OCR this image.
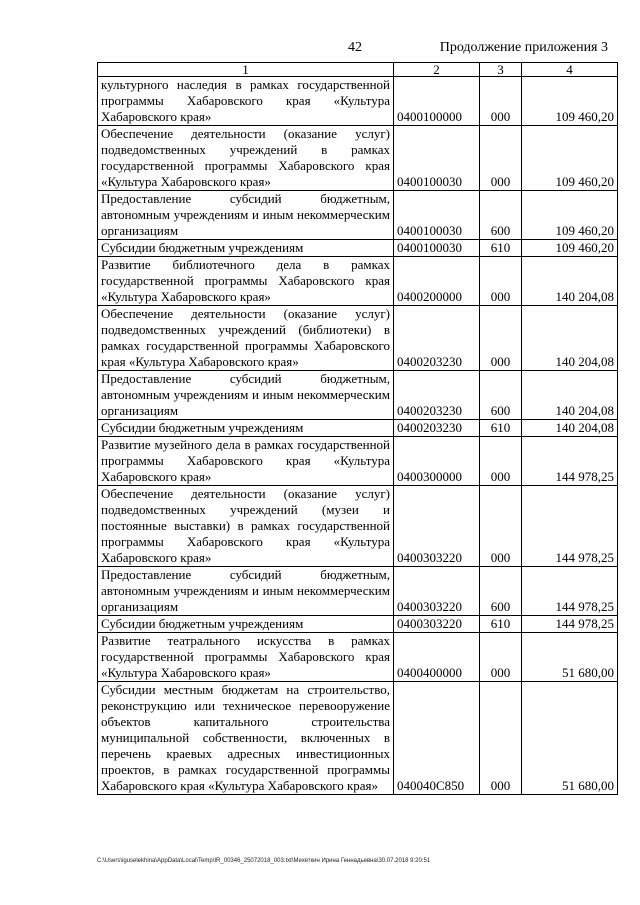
42	Продолжение приложения 3
1	2	3	4
культурного наследия в рамках государственной программы Хабаровского края «Культура Хабаровского края»	0400100000	000	109 460,20
Обеспечение деятельности (оказание услуг) подведомственных учреждений в рамках государственной программы Хабаровского края «Культура Хабаровского края»	0400100030	000	109 460,20
Предоставление субсидий бюджетным, автономным учреждениям и иным некоммерческим организациям	0400100030	600	109 460,20
Субсидии бюджетным учреждениям	0400100030	610	109 460,20
Развитие библиотечного дела в рамках государственной программы Хабаровского края «Культура Хабаровского края»	0400200000	000	140 204,08
Обеспечение деятельности (оказание услуг) подведомственных учреждений (библиотеки) в рамках государственной программы Хабаровского края «Культура Хабаровского края»	0400203230	000	140 204,08
Предоставление субсидий бюджетным, автономным учреждениям и иным некоммерческим организациям	0400203230	600	140 204,08
Субсидии бюджетным учреждениям	0400203230	610	140 204,08
Развитие музейного дела в рамках государственной программы Хабаровского края «Культура Хабаровского края»	0400300000	000	144 978,25
Обеспечение деятельности (оказание услуг) подведомственных учреждений (музеи и постоянные выставки) в рамках государственной программы Хабаровского края «Культура Хабаровского края»	0400303220	000	144 978,25
Предоставление субсидий бюджетным, автономным учреждениям и иным некоммерческим организациям	0400303220	600	144 978,25
Субсидии бюджетным учреждениям	0400303220	610	144 978,25
Развитие театрального искусства в рамках государственной программы Хабаровского края «Культура Хабаровского края»	0400400000	000	51 680,00
Субсидии местным бюджетам на строительство, реконструкцию или техническое перевооружение объектов капитального строительства муниципальной собственности, включенных в перечень краевых адресных инвестиционных проектов, в рамках государственной программы Хабаровского края «Культура Хабаровского края»	040040С850	000	51 680,00
C:\Users\iguselekhina\AppData\Local\Temp\IR_00346_25072018_003.txt\Мехеткин Ирина Геннадьевна\30.07.2018 9:20:51
